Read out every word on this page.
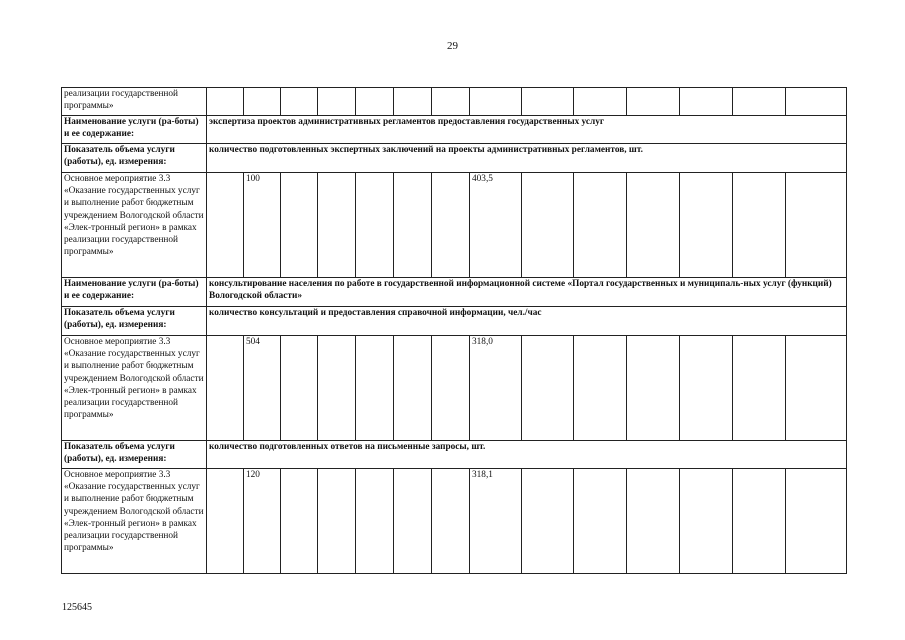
29
реализации государственной программы»														
Наименование услуги (ра-боты) и ее содержание:	экспертиза проектов административных регламентов предоставления государственных услуг													
Показатель объема услуги (работы), ед. измерения:	количество подготовленных экспертных заключений на проекты административных регламентов, шт.													
Основное мероприятие 3.3 «Оказание государственных услуг и выполнение работ бюджетным учреждением Вологодской области «Элек-тронный регион» в рамках реализации государственной программы»		100						403,5						
Наименование услуги (ра-боты) и ее содержание:	консультирование населения по работе в государственной информационной системе «Портал государственных и муниципаль-ных услуг (функций) Вологодской области»													
Показатель объема услуги (работы), ед. измерения:	количество консультаций и предоставления справочной информации, чел./час													
Основное мероприятие 3.3 «Оказание государственных услуг и выполнение работ бюджетным учреждением Вологодской области «Элек-тронный регион» в рамках реализации государственной программы»		504						318,0						
Показатель объема услуги (работы), ед. измерения:	количество подготовленных ответов на письменные запросы, шт.													
Основное мероприятие 3.3 «Оказание государственных услуг и выполнение работ бюджетным учреждением Вологодской области «Элек-тронный регион» в рамках реализации государственной программы»		120						318,1						
125645
